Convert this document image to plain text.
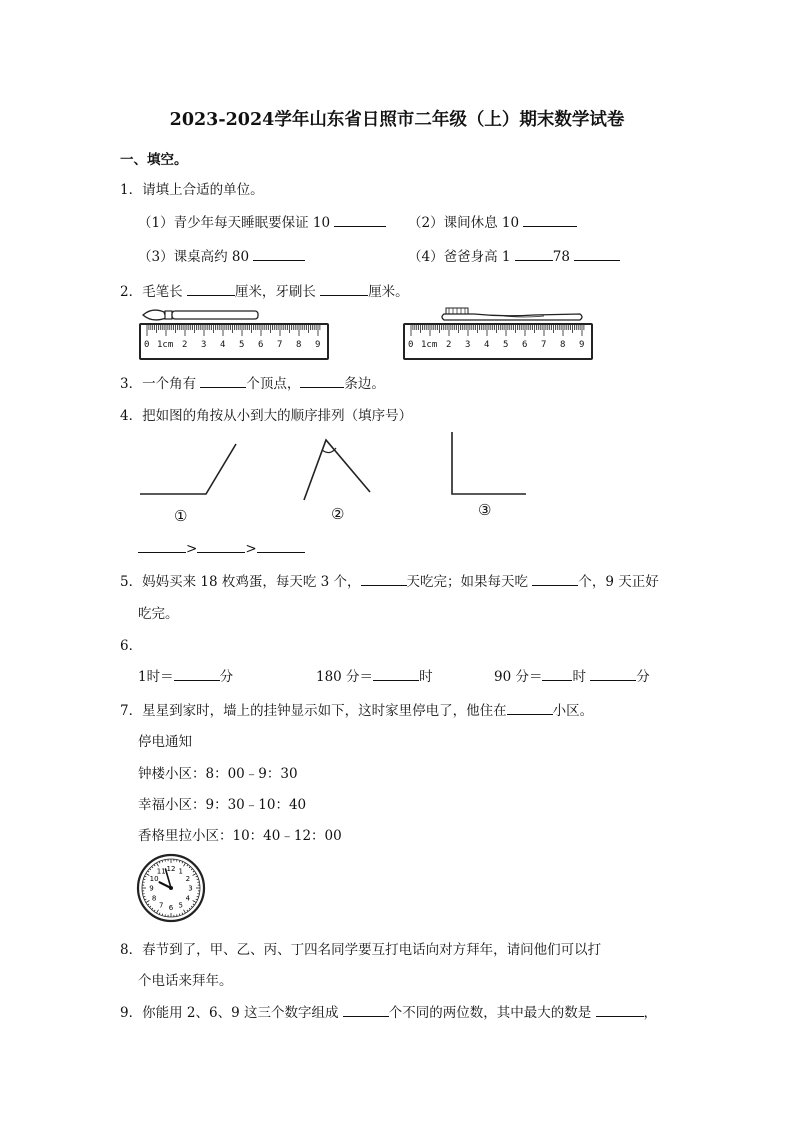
2023-2024学年山东省日照市二年级（上）期末数学试卷
一、填空。
1．请填上合适的单位。
（1）青少年每天睡眠要保证 10	（2）课间休息 10
（3）课桌高约 80	（4）爸爸身高 1	78
2．毛笔长	厘米，牙刷长	厘米。
0 1cm 2 3 4 5 6 7 8 9	0 1cm 2 3 4 5 6 7 8 9
3．一个角有	个顶点，	条边。
4．把如图的角按从小到大的顺序排列（填序号）
①	②	③
>	>
5．妈妈买来 18 枚鸡蛋，每天吃 3 个，	天吃完；如果每天吃	个，9 天正好
吃完。
6．
1时＝	分	180 分＝	时	90 分＝ 时	分
7．星星到家时，墙上的挂钟显示如下，这时家里停电了，他住在	小区。
停电通知
钟楼小区：8：00﹣9：30
幸福小区：9：30﹣10：40
香格里拉小区：10：40﹣12：00
12 1
2
3
4
5
6
7
8
9
10
11
8．春节到了，甲、乙、丙、丁四名同学要互打电话向对方拜年，请问他们可以打
个电话来拜年。
9．你能用 2、6、9 这三个数字组成	个不同的两位数，其中最大的数是	，
